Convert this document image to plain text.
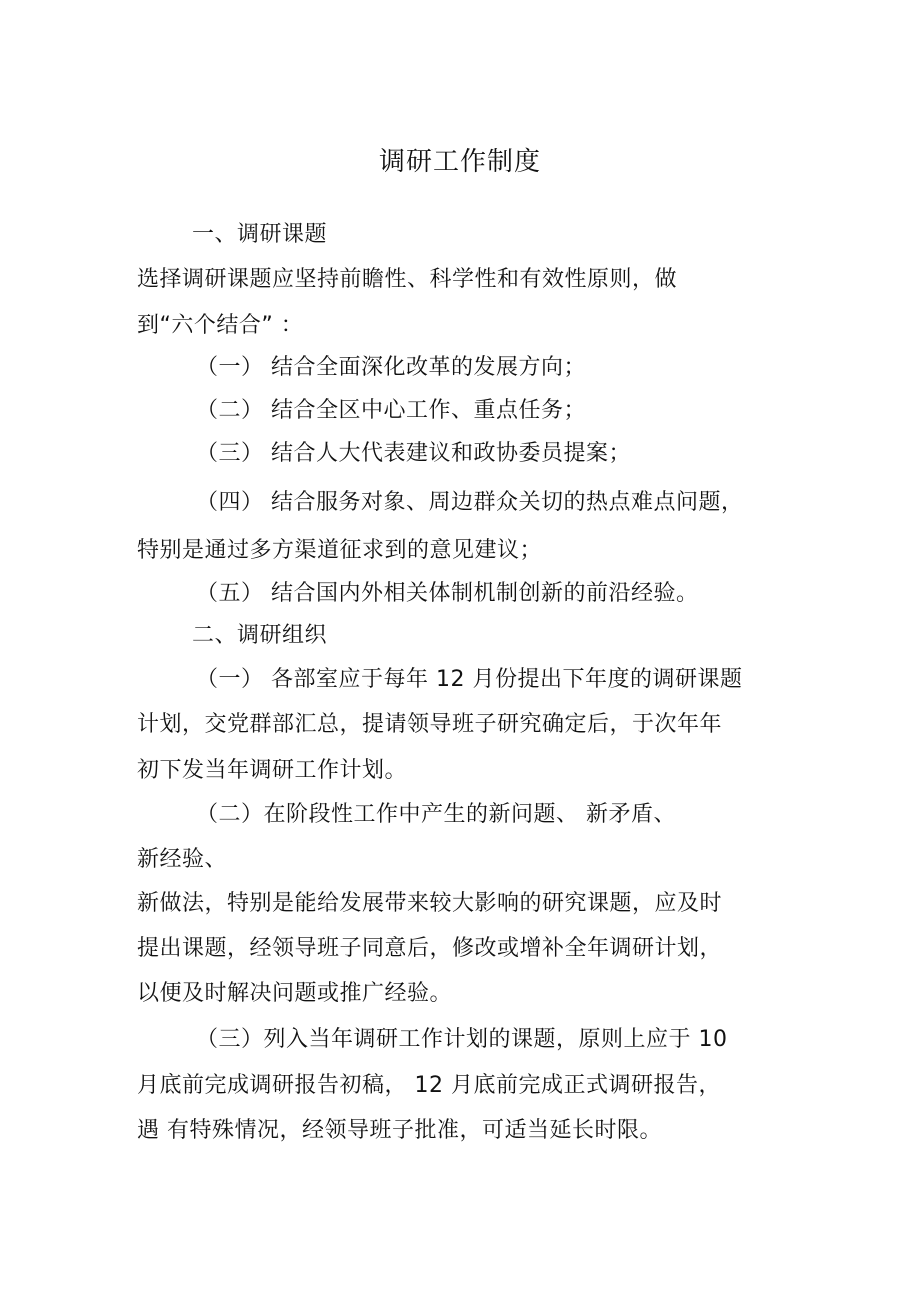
调研工作制度
一、调研课题
选择调研课题应坚持前瞻性、科学性和有效性原则，做
到“六个结合” ：
（一） 结合全面深化改革的发展方向；
（二） 结合全区中心工作、重点任务；
（三） 结合人大代表建议和政协委员提案；
（四） 结合服务对象、周边群众关切的热点难点问题，
特别是通过多方渠道征求到的意见建议；
（五） 结合国内外相关体制机制创新的前沿经验。
二、调研组织
（一） 各部室应于每年 12 月份提出下年度的调研课题
计划，交党群部汇总，提请领导班子研究确定后，于次年年
初下发当年调研工作计划。
（二）在阶段性工作中产生的新问题、 新矛盾、
新经验、
新做法，特别是能给发展带来较大影响的研究课题，应及时
提出课题，经领导班子同意后，修改或增补全年调研计划，
以便及时解决问题或推广经验。
（三）列入当年调研工作计划的课题，原则上应于 10
月底前完成调研报告初稿， 12 月底前完成正式调研报告，
遇 有特殊情况，经领导班子批准，可适当延长时限。
